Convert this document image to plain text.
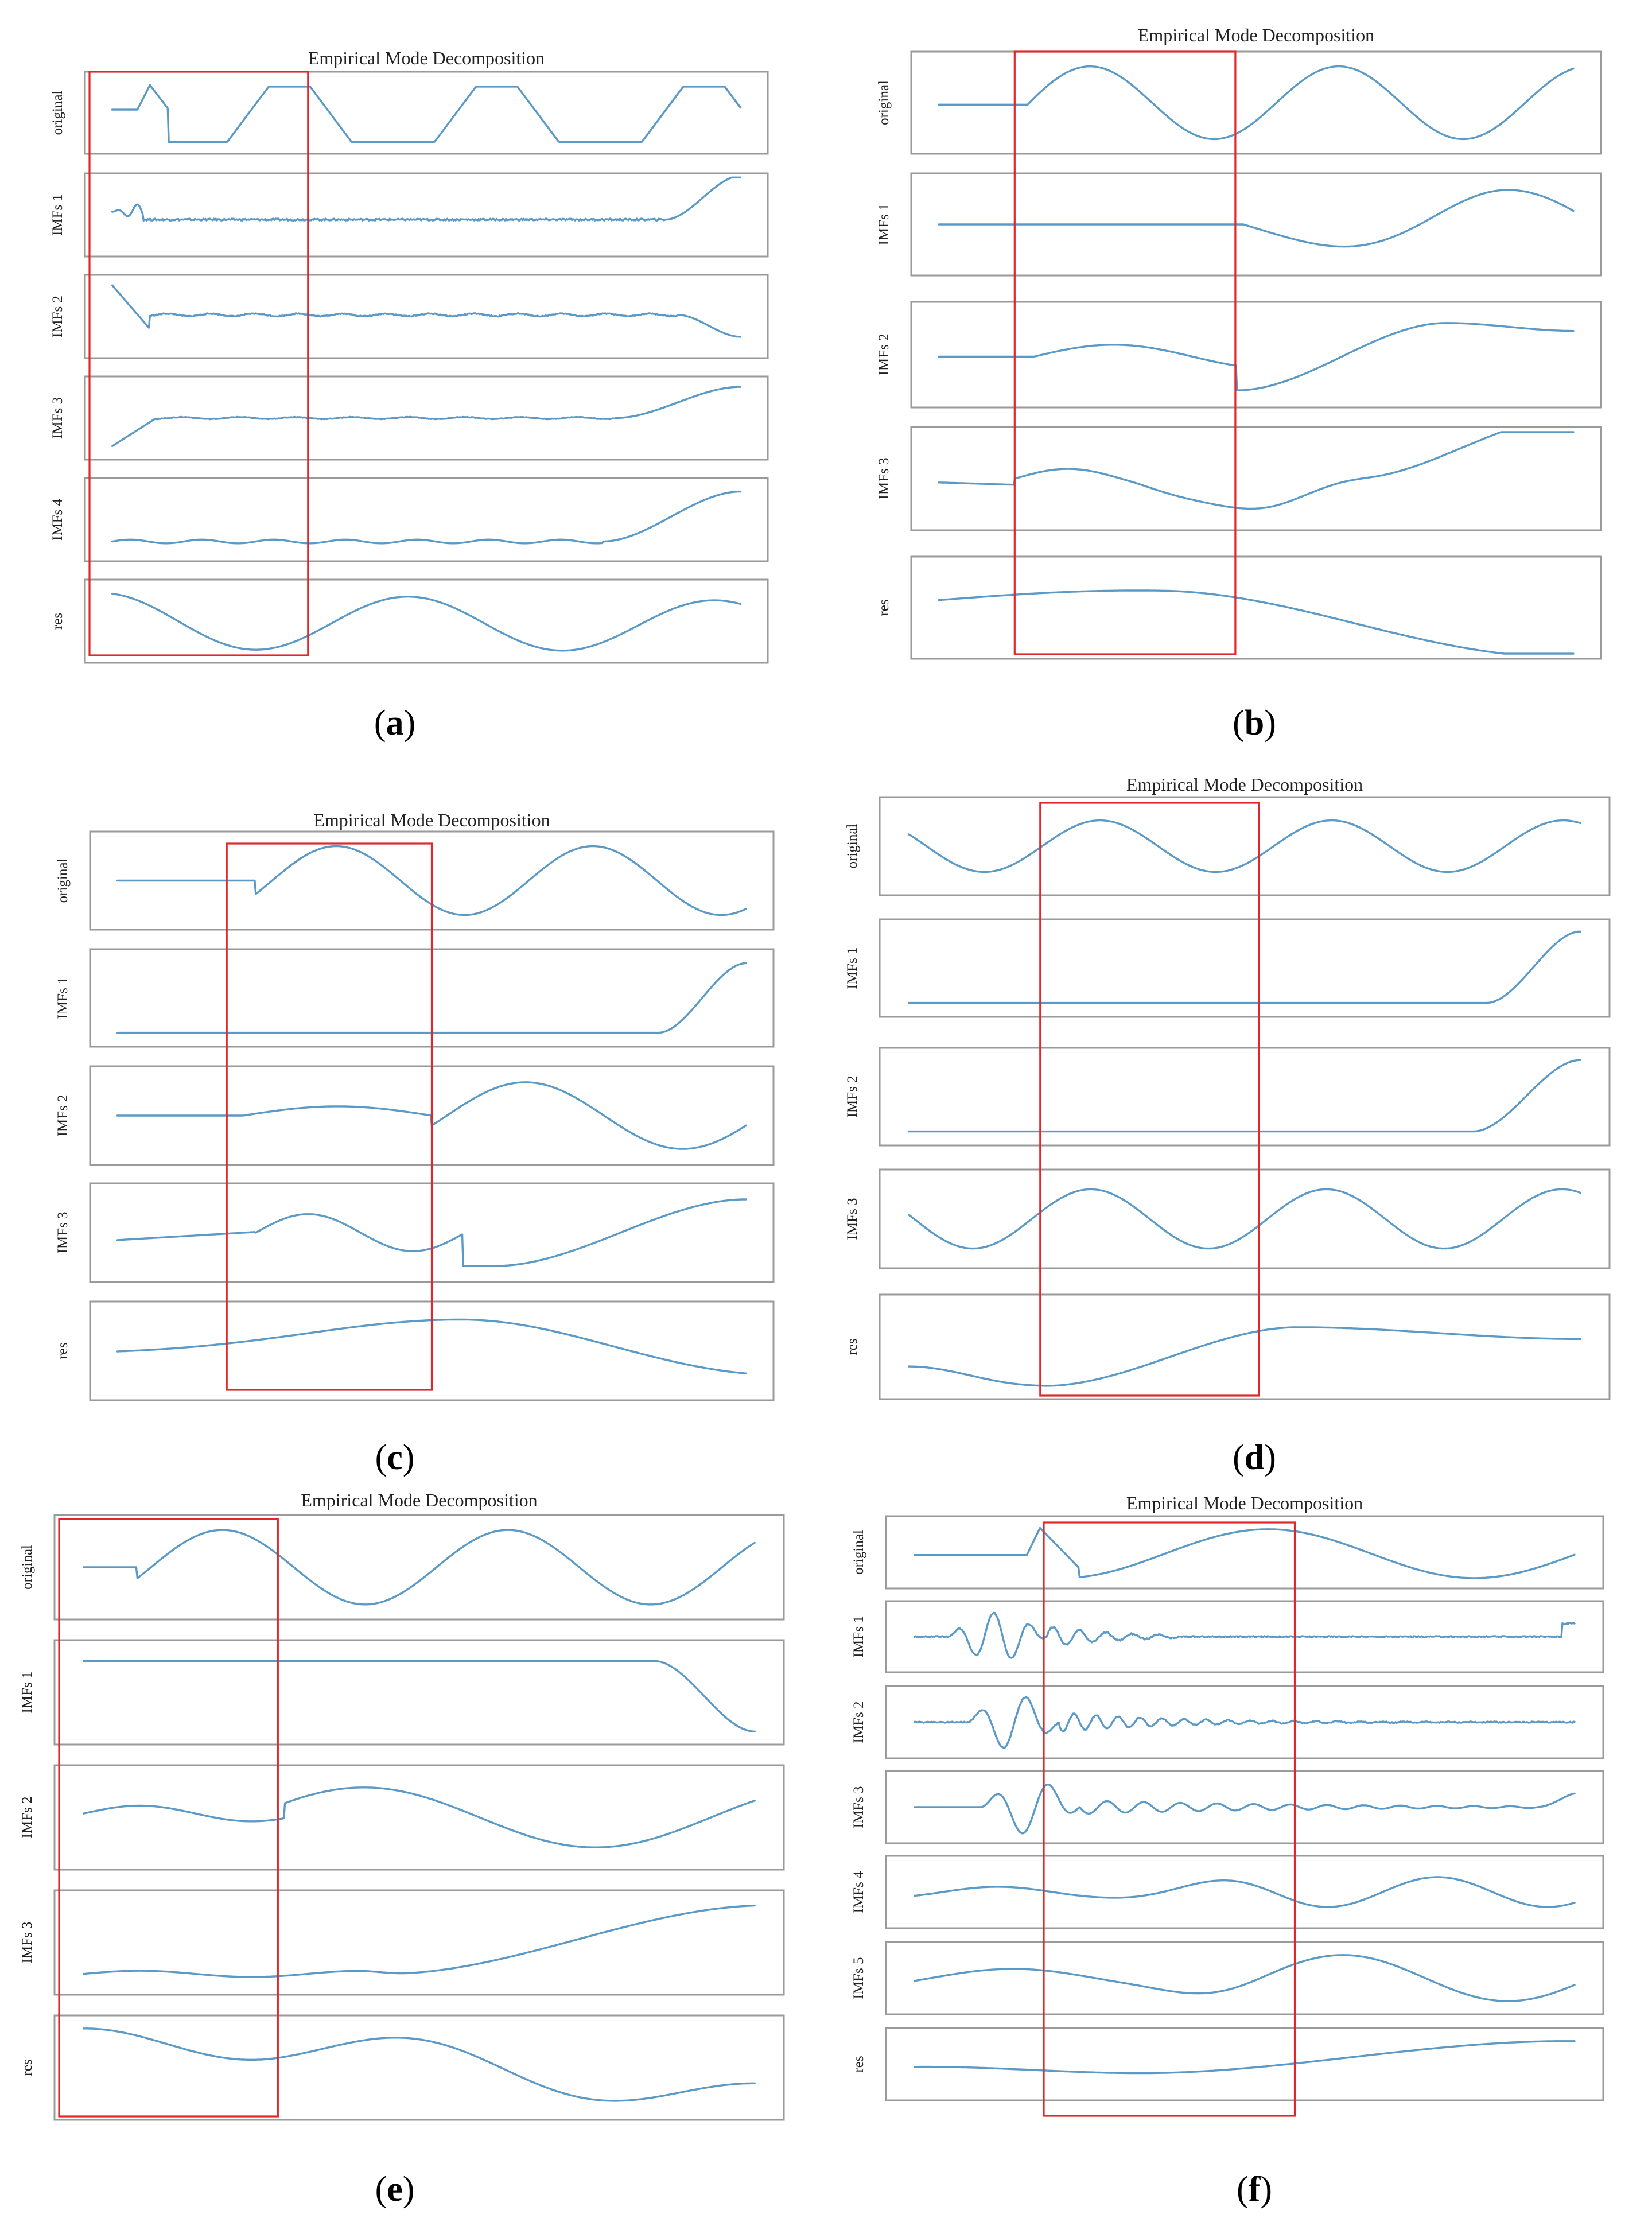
Empirical Mode Decomposition
original
IMFs 1
IMFs 2
IMFs 3
IMFs 4
res
(a)
Empirical Mode Decomposition
original
IMFs 1
IMFs 2
IMFs 3
res
(b)
Empirical Mode Decomposition
original
IMFs 1
IMFs 2
IMFs 3
res
(c)
Empirical Mode Decomposition
original
IMFs 1
IMFs 2
IMFs 3
res
(d)
Empirical Mode Decomposition
original
IMFs 1
IMFs 2
IMFs 3
res
(e)
Empirical Mode Decomposition
original
IMFs 1
IMFs 2
IMFs 3
IMFs 4
IMFs 5
res
(f)
